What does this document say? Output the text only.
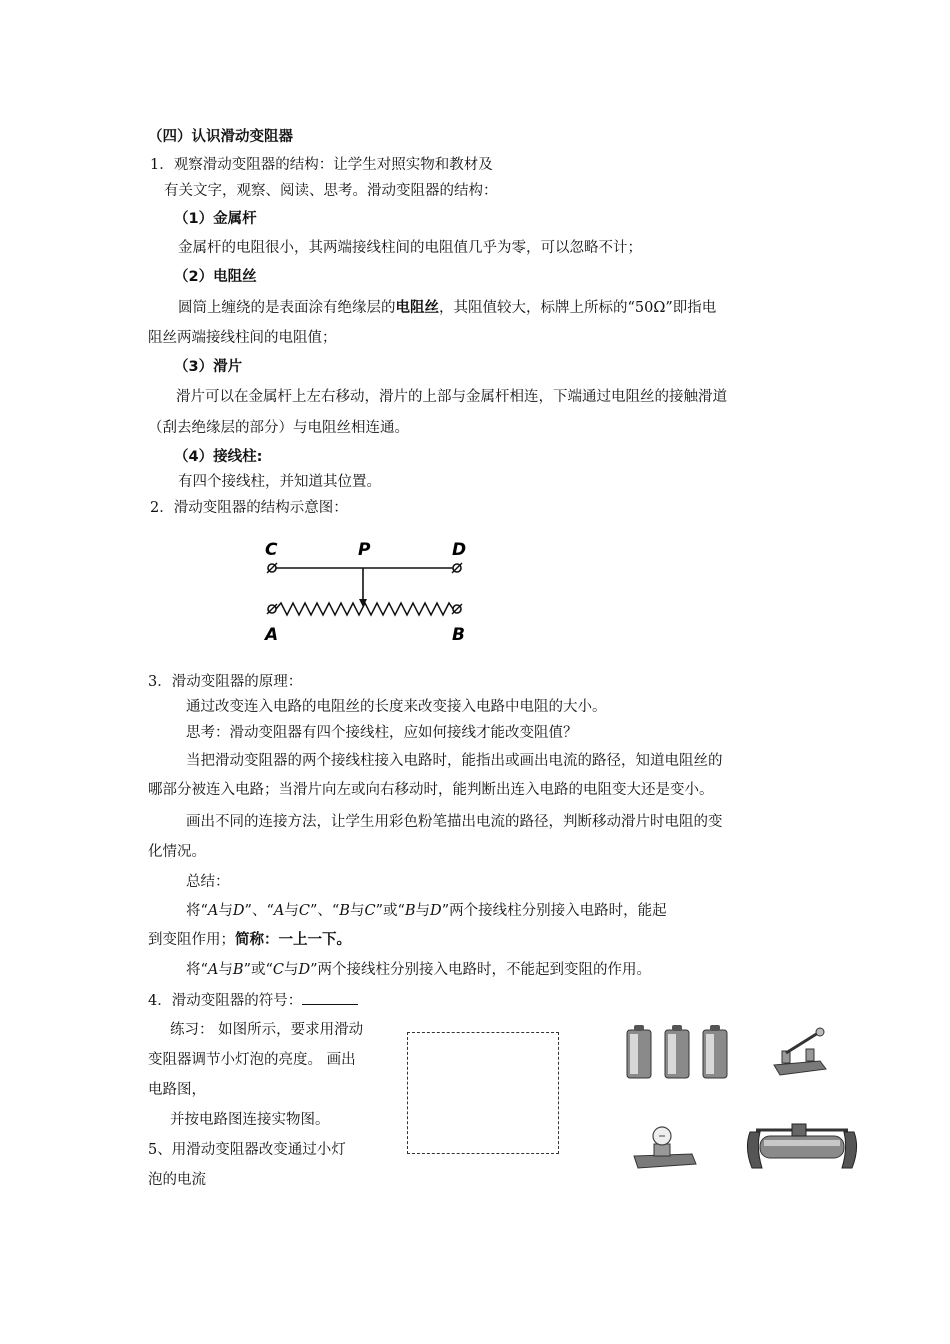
（四）认识滑动变阻器
1．观察滑动变阻器的结构：让学生对照实物和教材及
有关文字，观察、阅读、思考。滑动变阻器的结构：
（1）金属杆
金属杆的电阻很小，其两端接线柱间的电阻值几乎为零，可以忽略不计；
（2）电阻丝
圆筒上缠绕的是表面涂有绝缘层的电阻丝，其阻值较大，标牌上所标的“50Ω”即指电
阻丝两端接线柱间的电阻值；
（3）滑片
滑片可以在金属杆上左右移动，滑片的上部与金属杆相连，下端通过电阻丝的接触滑道
（刮去绝缘层的部分）与电阻丝相连通。
（4）接线柱:
有四个接线柱，并知道其位置。
2．滑动变阻器的结构示意图：
C	P	D
A	B
3．滑动变阻器的原理：
通过改变连入电路的电阻丝的长度来改变接入电路中电阻的大小。
思考：滑动变阻器有四个接线柱，应如何接线才能改变阻值？
当把滑动变阻器的两个接线柱接入电路时，能指出或画出电流的路径，知道电阻丝的
哪部分被连入电路；当滑片向左或向右移动时，能判断出连入电路的电阻变大还是变小。
画出不同的连接方法，让学生用彩色粉笔描出电流的路径，判断移动滑片时电阻的变
化情况。
总结：
将“A与D”、“A与C”、“B与C”或“B与D”两个接线柱分别接入电路时，能起
到变阻作用；简称：一上一下。
将“A与B”或“C与D”两个接线柱分别接入电路时，不能起到变阻的作用。
4．滑动变阻器的符号：
练习： 如图所示，要求用滑动
变阻器调节小灯泡的亮度。 画出
电路图，
并按电路图连接实物图。
5、用滑动变阻器改变通过小灯
泡的电流
